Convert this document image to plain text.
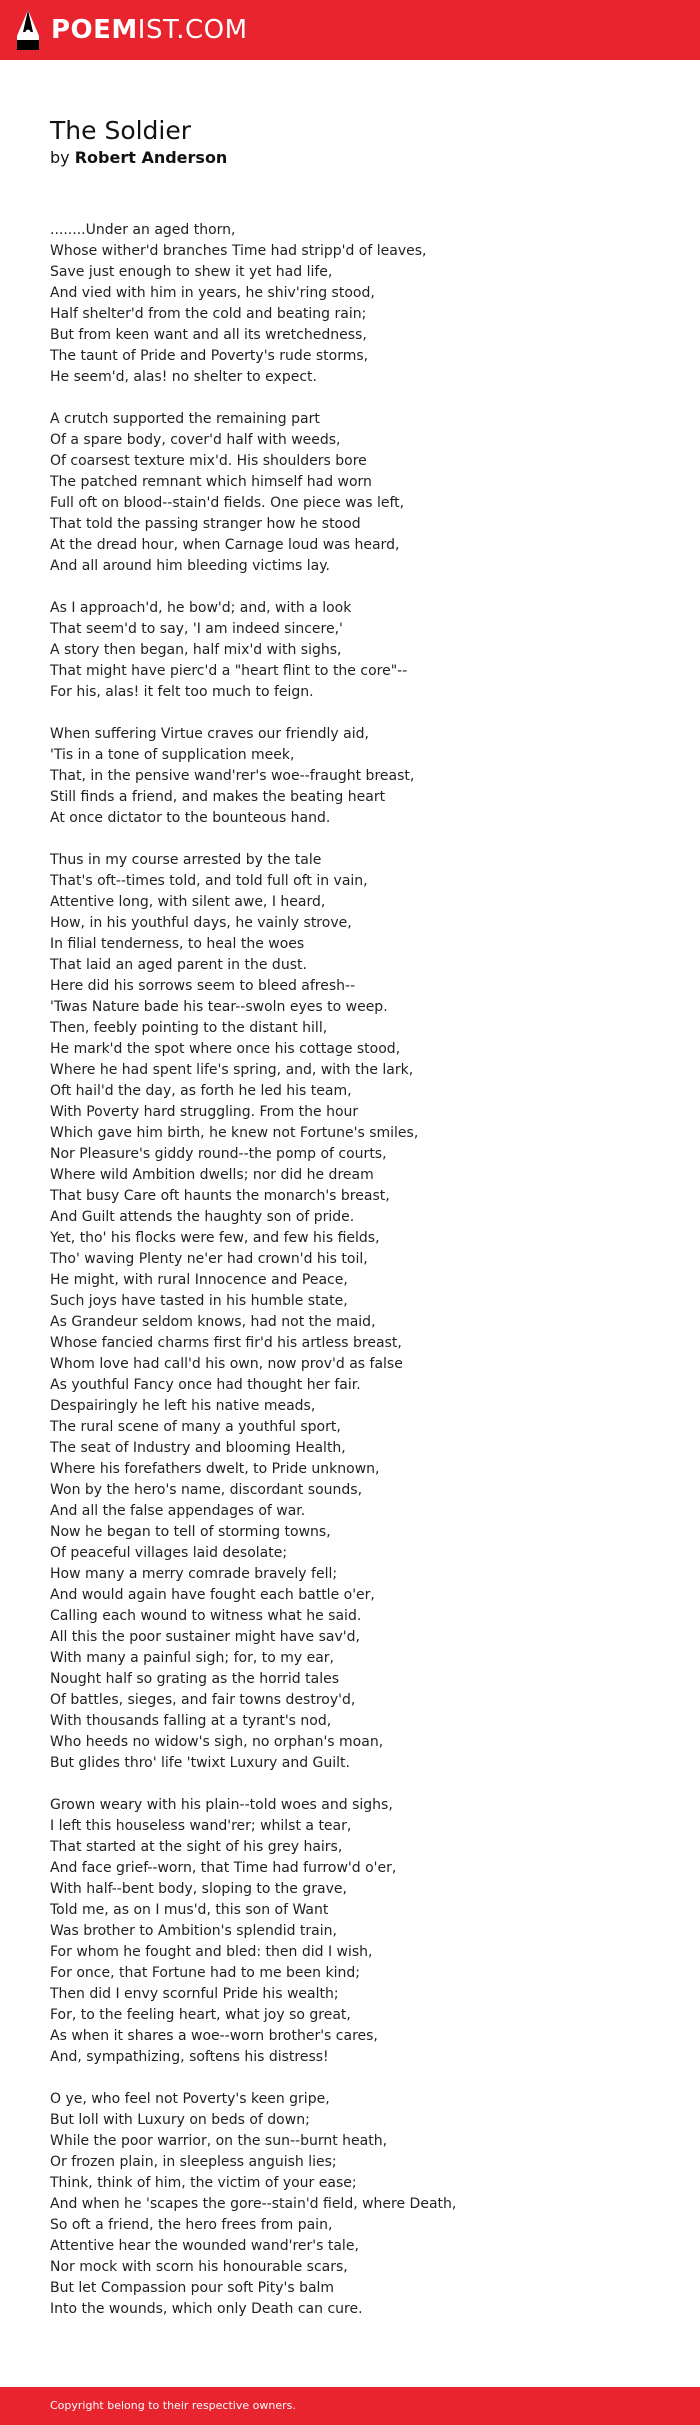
POEMIST.COM
The Soldier
by Robert Anderson
........Under an aged thorn,
Whose wither'd branches Time had stripp'd of leaves,
Save just enough to shew it yet had life,
And vied with him in years, he shiv'ring stood,
Half shelter'd from the cold and beating rain;
But from keen want and all its wretchedness,
The taunt of Pride and Poverty's rude storms,
He seem'd, alas! no shelter to expect.
A crutch supported the remaining part
Of a spare body, cover'd half with weeds,
Of coarsest texture mix'd. His shoulders bore
The patched remnant which himself had worn
Full oft on blood--stain'd fields. One piece was left,
That told the passing stranger how he stood
At the dread hour, when Carnage loud was heard,
And all around him bleeding victims lay.
As I approach'd, he bow'd; and, with a look
That seem'd to say, 'I am indeed sincere,'
A story then began, half mix'd with sighs,
That might have pierc'd a "heart flint to the core"--
For his, alas! it felt too much to feign.
When suffering Virtue craves our friendly aid,
'Tis in a tone of supplication meek,
That, in the pensive wand'rer's woe--fraught breast,
Still finds a friend, and makes the beating heart
At once dictator to the bounteous hand.
Thus in my course arrested by the tale
That's oft--times told, and told full oft in vain,
Attentive long, with silent awe, I heard,
How, in his youthful days, he vainly strove,
In filial tenderness, to heal the woes
That laid an aged parent in the dust.
Here did his sorrows seem to bleed afresh--
'Twas Nature bade his tear--swoln eyes to weep.
Then, feebly pointing to the distant hill,
He mark'd the spot where once his cottage stood,
Where he had spent life's spring, and, with the lark,
Oft hail'd the day, as forth he led his team,
With Poverty hard struggling. From the hour
Which gave him birth, he knew not Fortune's smiles,
Nor Pleasure's giddy round--the pomp of courts,
Where wild Ambition dwells; nor did he dream
That busy Care oft haunts the monarch's breast,
And Guilt attends the haughty son of pride.
Yet, tho' his flocks were few, and few his fields,
Tho' waving Plenty ne'er had crown'd his toil,
He might, with rural Innocence and Peace,
Such joys have tasted in his humble state,
As Grandeur seldom knows, had not the maid,
Whose fancied charms first fir'd his artless breast,
Whom love had call'd his own, now prov'd as false
As youthful Fancy once had thought her fair.
Despairingly he left his native meads,
The rural scene of many a youthful sport,
The seat of Industry and blooming Health,
Where his forefathers dwelt, to Pride unknown,
Won by the hero's name, discordant sounds,
And all the false appendages of war.
Now he began to tell of storming towns,
Of peaceful villages laid desolate;
How many a merry comrade bravely fell;
And would again have fought each battle o'er,
Calling each wound to witness what he said.
All this the poor sustainer might have sav'd,
With many a painful sigh; for, to my ear,
Nought half so grating as the horrid tales
Of battles, sieges, and fair towns destroy'd,
With thousands falling at a tyrant's nod,
Who heeds no widow's sigh, no orphan's moan,
But glides thro' life 'twixt Luxury and Guilt.
Grown weary with his plain--told woes and sighs,
I left this houseless wand'rer; whilst a tear,
That started at the sight of his grey hairs,
And face grief--worn, that Time had furrow'd o'er,
With half--bent body, sloping to the grave,
Told me, as on I mus'd, this son of Want
Was brother to Ambition's splendid train,
For whom he fought and bled: then did I wish,
For once, that Fortune had to me been kind;
Then did I envy scornful Pride his wealth;
For, to the feeling heart, what joy so great,
As when it shares a woe--worn brother's cares,
And, sympathizing, softens his distress!
O ye, who feel not Poverty's keen gripe,
But loll with Luxury on beds of down;
While the poor warrior, on the sun--burnt heath,
Or frozen plain, in sleepless anguish lies;
Think, think of him, the victim of your ease;
And when he 'scapes the gore--stain'd field, where Death,
So oft a friend, the hero frees from pain,
Attentive hear the wounded wand'rer's tale,
Nor mock with scorn his honourable scars,
But let Compassion pour soft Pity's balm
Into the wounds, which only Death can cure.
Copyright belong to their respective owners.
